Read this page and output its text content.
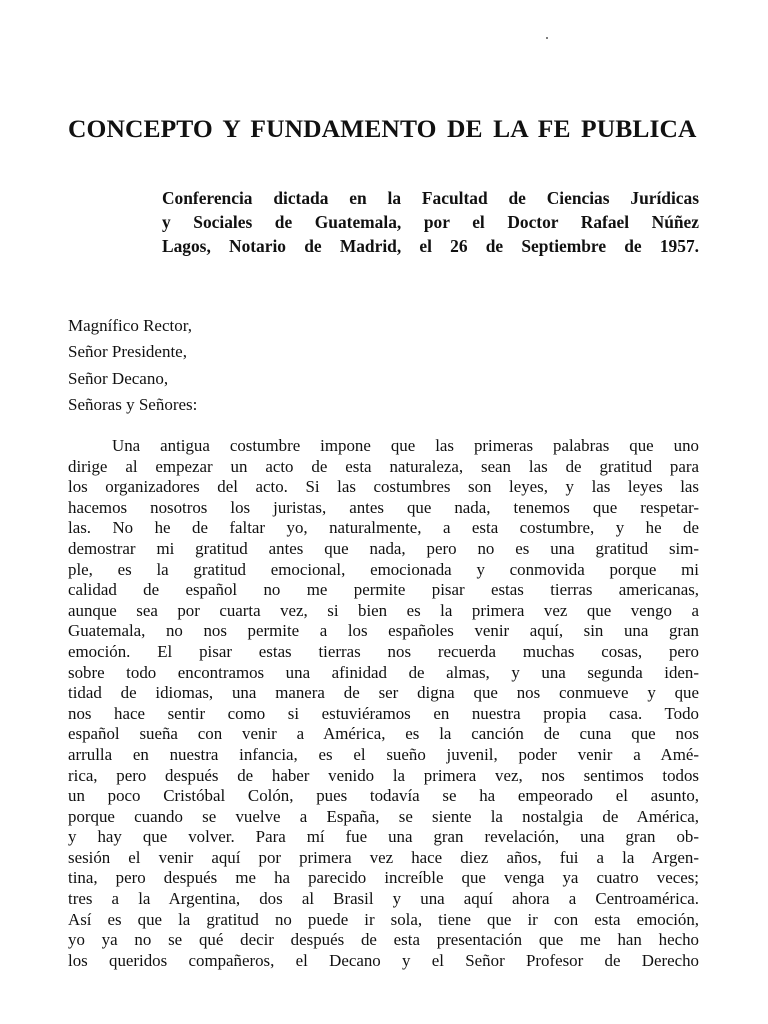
CONCEPTO Y FUNDAMENTO DE LA FE PUBLICA
Conferencia dictada en la Facultad de Ciencias Jurídicas
y Sociales de Guatemala, por el Doctor Rafael Núñez
Lagos, Notario de Madrid, el 26 de Septiembre de 1957.
Magnífico Rector,
Señor Presidente,
Señor Decano,
Señoras y Señores:
Una antigua costumbre impone que las primeras palabras que uno
dirige al empezar un acto de esta naturaleza, sean las de gratitud para
los organizadores del acto. Si las costumbres son leyes, y las leyes las
hacemos nosotros los juristas, antes que nada, tenemos que respetar-
las. No he de faltar yo, naturalmente, a esta costumbre, y he de
demostrar mi gratitud antes que nada, pero no es una gratitud sim-
ple, es la gratitud emocional, emocionada y conmovida porque mi
calidad de español no me permite pisar estas tierras americanas,
aunque sea por cuarta vez, si bien es la primera vez que vengo a
Guatemala, no nos permite a los españoles venir aquí, sin una gran
emoción. El pisar estas tierras nos recuerda muchas cosas, pero
sobre todo encontramos una afinidad de almas, y una segunda iden-
tidad de idiomas, una manera de ser digna que nos conmueve y que
nos hace sentir como si estuviéramos en nuestra propia casa. Todo
español sueña con venir a América, es la canción de cuna que nos
arrulla en nuestra infancia, es el sueño juvenil, poder venir a Amé-
rica, pero después de haber venido la primera vez, nos sentimos todos
un poco Cristóbal Colón, pues todavía se ha empeorado el asunto,
porque cuando se vuelve a España, se siente la nostalgia de América,
y hay que volver. Para mí fue una gran revelación, una gran ob-
sesión el venir aquí por primera vez hace diez años, fui a la Argen-
tina, pero después me ha parecido increíble que venga ya cuatro veces;
tres a la Argentina, dos al Brasil y una aquí ahora a Centroamérica.
Así es que la gratitud no puede ir sola, tiene que ir con esta emoción,
yo ya no se qué decir después de esta presentación que me han hecho
los queridos compañeros, el Decano y el Señor Profesor de Derecho
